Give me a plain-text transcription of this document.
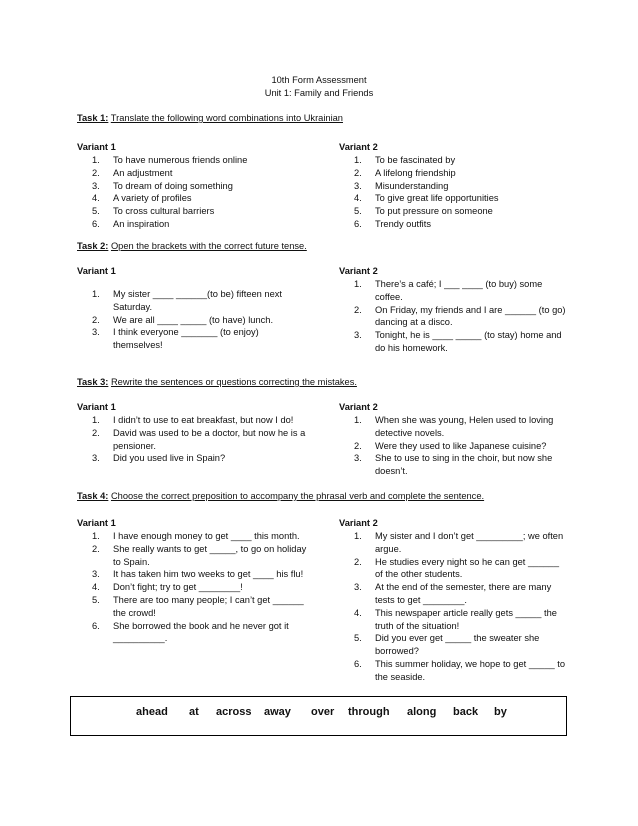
10th Form Assessment
Unit 1: Family and Friends
Task 1: Translate the following word combinations into Ukrainian
Variant 1
1. To have numerous friends online
2. An adjustment
3. To dream of doing something
4. A variety of profiles
5. To cross cultural barriers
6. An inspiration
Variant 2
1. To be fascinated by
2. A lifelong friendship
3. Misunderstanding
4. To give great life opportunities
5. To put pressure on someone
6. Trendy outfits
Task 2: Open the brackets with the correct future tense.
Variant 1
1. My sister ____ ______(to be) fifteen next Saturday.
2. We are all ____ _____ (to have) lunch.
3. I think everyone _______ (to enjoy) themselves!
Variant 2
1. There’s a café; I ___ ____ (to buy) some coffee.
2. On Friday, my friends and I are ______ (to go) dancing at a disco.
3. Tonight, he is ____ _____ (to stay) home and do his homework.
Task 3: Rewrite the sentences or questions correcting the mistakes.
Variant 1
1. I didn’t to use to eat breakfast, but now I do!
2. David was used to be a doctor, but now he is a pensioner.
3. Did you used live in Spain?
Variant 2
1. When she was young, Helen used to loving detective novels.
2. Were they used to like Japanese cuisine?
3. She to use to sing in the choir, but now she doesn’t.
Task 4: Choose the correct preposition to accompany the phrasal verb and complete the sentence.
Variant 1
1. I have enough money to get ____ this month.
2. She really wants to get _____, to go on holiday to Spain.
3. It has taken him two weeks to get ____ his flu!
4. Don’t fight; try to get ________!
5. There are too many people; I can’t get ______ the crowd!
6. She borrowed the book and he never got it __________.
Variant 2
1. My sister and I don’t get _________; we often argue.
2. He studies every night so he can get ______ of the other students.
3. At the end of the semester, there are many tests to get ________.
4. This newspaper article really gets _____ the truth of the situation!
5. Did you ever get _____ the sweater she borrowed?
6. This summer holiday, we hope to get _____ to the seaside.
ahead at across away over through along back by
